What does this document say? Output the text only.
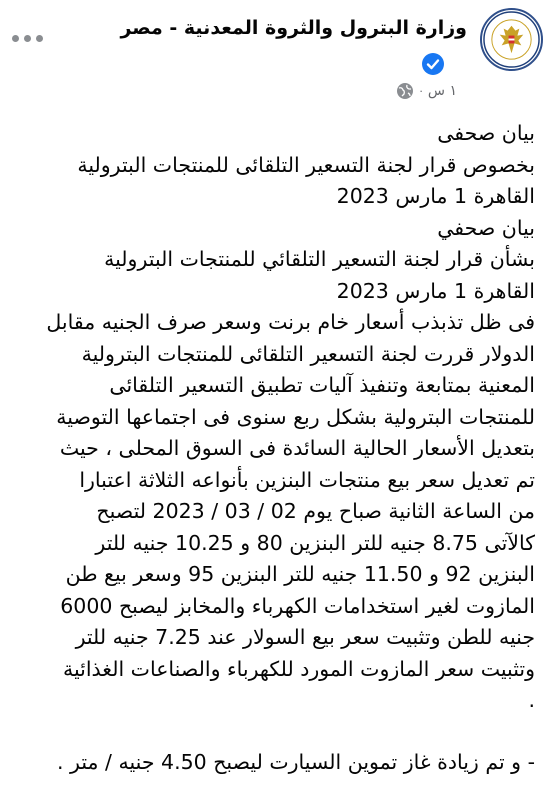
وزارة البترول والثروة المعدنية - مصر
١ س
·

بيان صحفى

بخصوص قرار لجنة التسعير التلقائى للمنتجات البترولية

القاهرة 1 مارس 2023

بيان صحفي

بشأن قرار لجنة التسعير التلقائي للمنتجات البترولية

القاهرة 1 مارس 2023

فى ظل تذبذب أسعار خام برنت وسعر صرف الجنيه مقابل

الدولار قررت لجنة التسعير التلقائى للمنتجات البترولية

المعنية بمتابعة وتنفيذ آليات تطبيق التسعير التلقائى

للمنتجات البترولية بشكل ربع سنوى فى اجتماعها التوصية

بتعديل الأسعار الحالية السائدة فى السوق المحلى ، حيث

تم تعديل سعر بيع منتجات البنزين بأنواعه الثلاثة اعتبارا

من الساعة الثانية صباح يوم 02 / 03 / 2023 لتصبح

كالآتى 8.75 جنيه للتر البنزين 80 و 10.25 جنيه للتر

البنزين 92 و 11.50 جنيه للتر البنزين 95 وسعر بيع طن

المازوت لغير استخدامات الكهرباء والمخابز ليصبح 6000

جنيه للطن وتثبيت سعر بيع السولار عند 7.25 جنيه للتر

وتثبيت سعر المازوت المورد للكهرباء والصناعات الغذائية

.

- و تم زيادة غاز تموين السيارت ليصبح 4.50 جنيه / متر .
